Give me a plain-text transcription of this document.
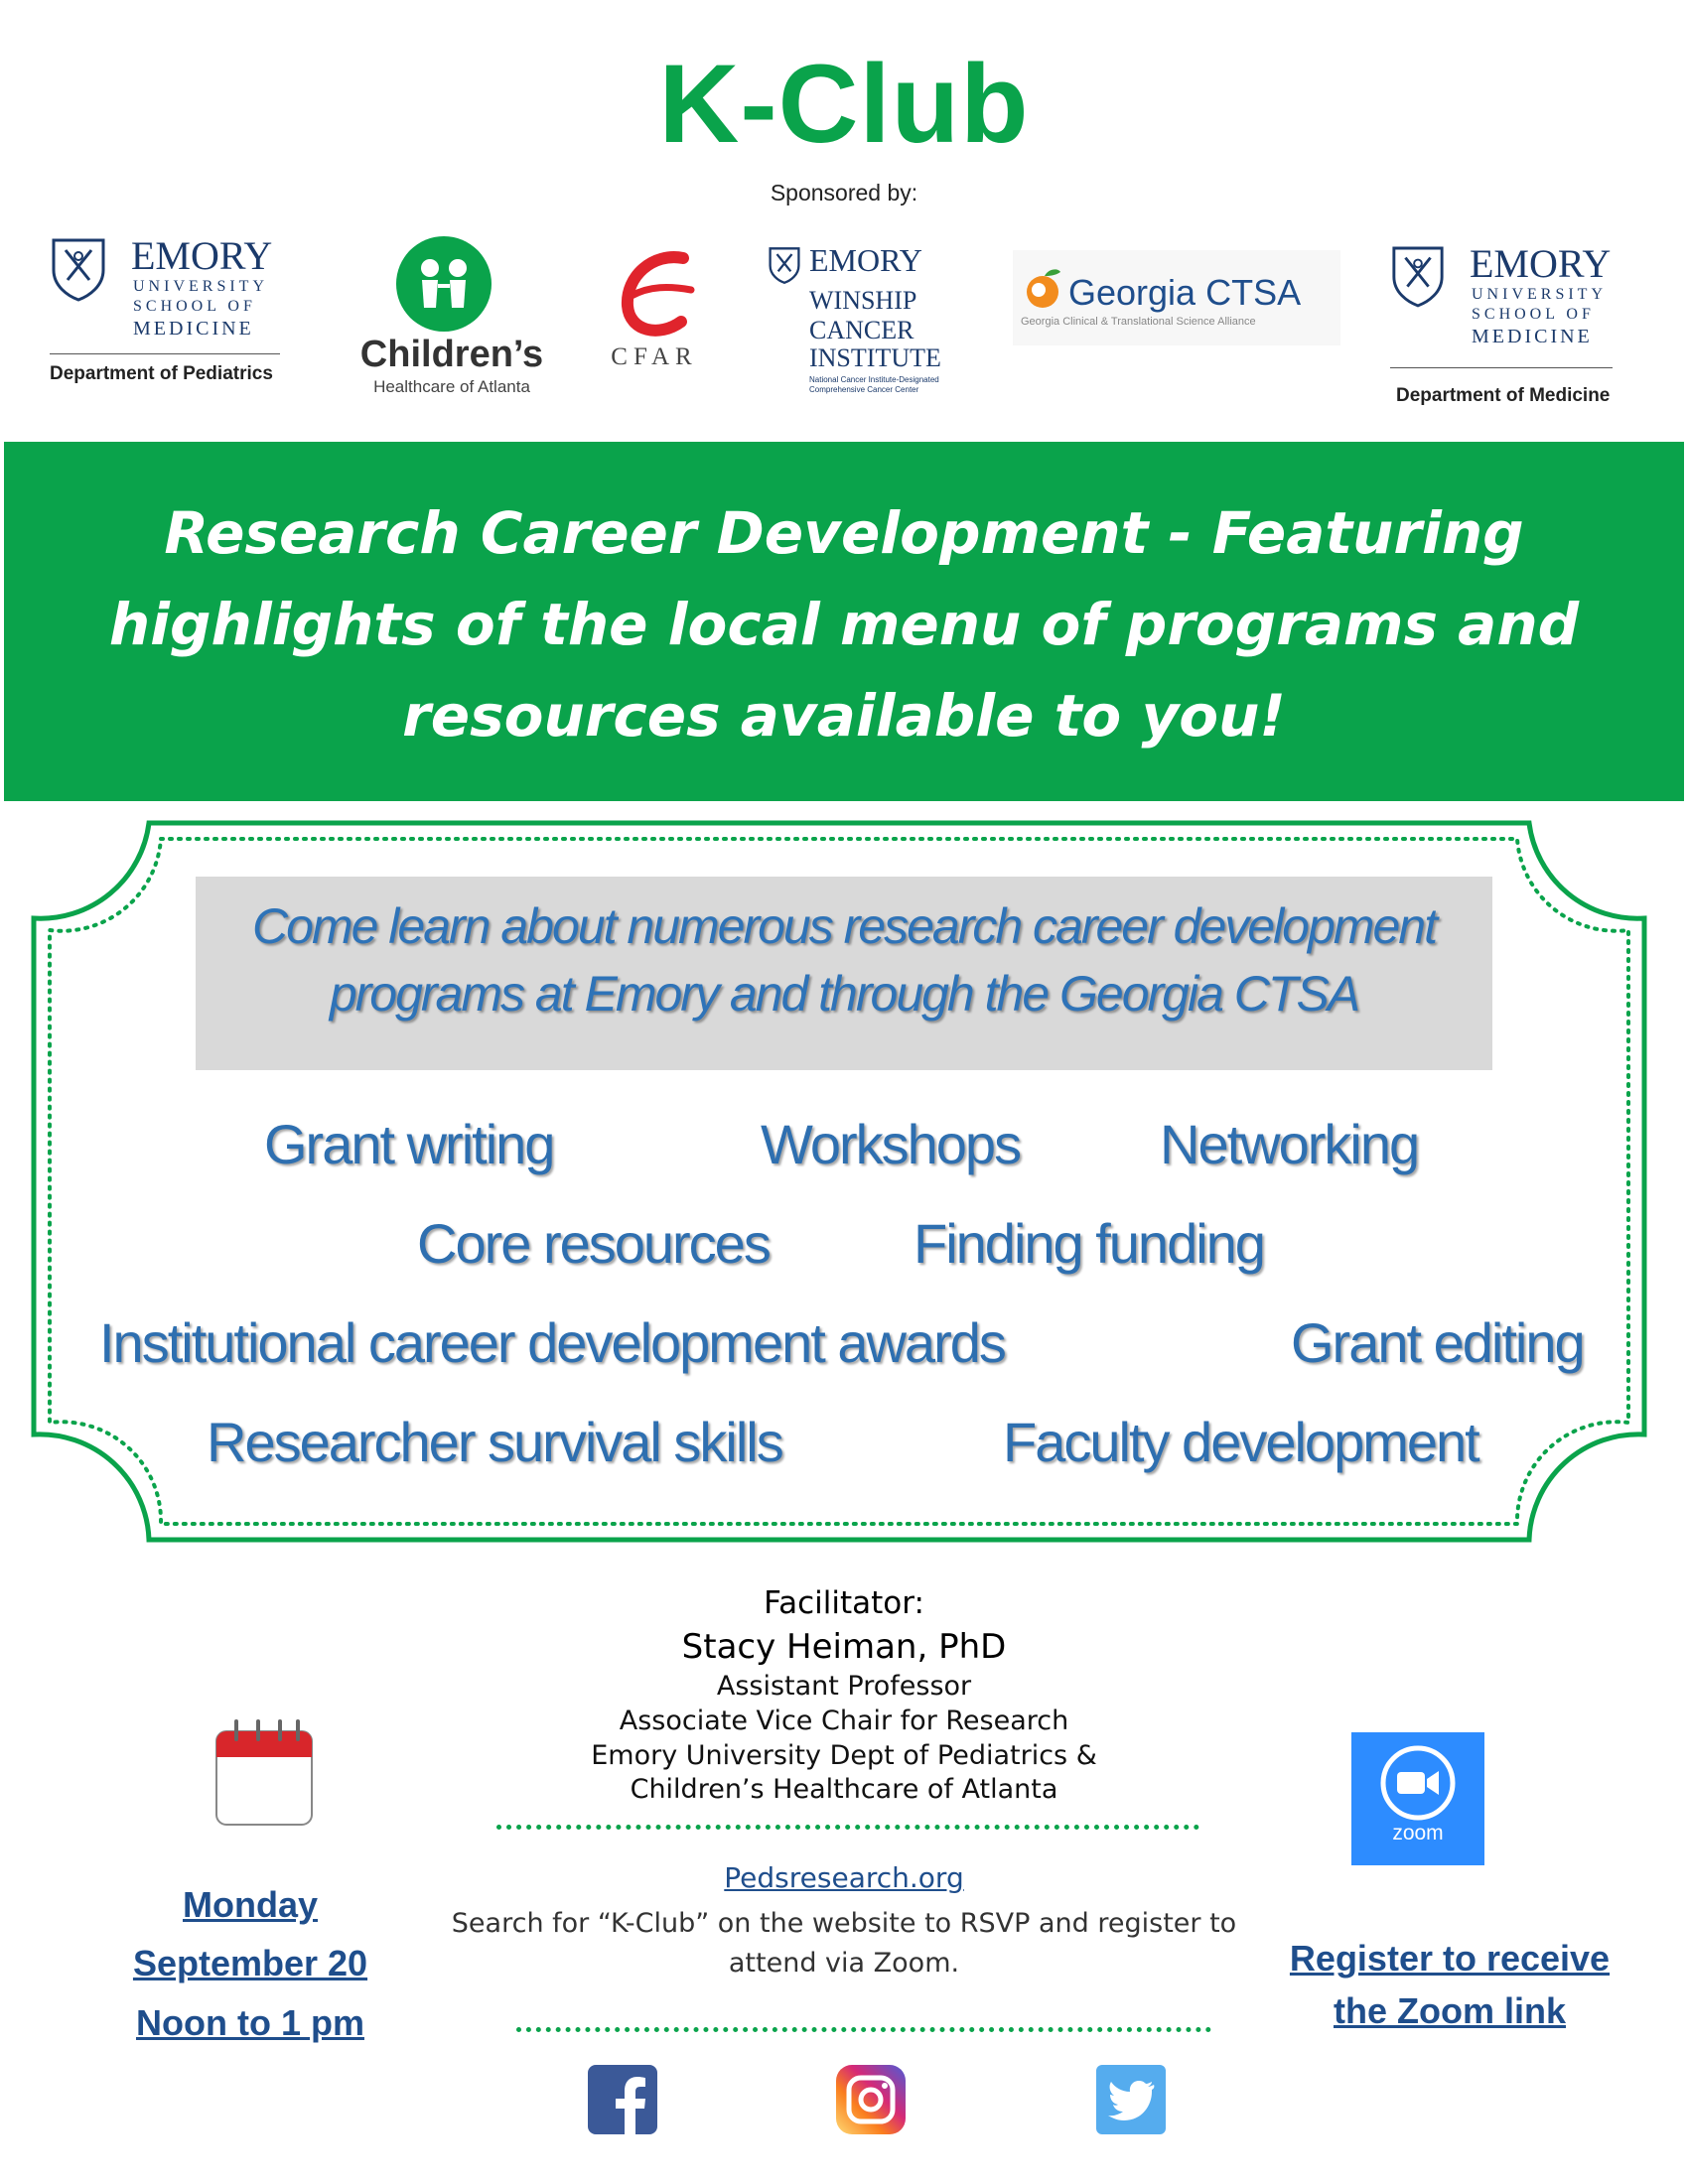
K-Club
Sponsored by:
EMORY
UNIVERSITY
SCHOOL OF
MEDICINE
Department of Pediatrics	Children’s
Healthcare of Atlanta
CFAR
EMORY
WINSHIP
CANCER
INSTITUTE
National Cancer Institute-Designated
Comprehensive Cancer Center
Georgia CTSA
Georgia Clinical & Translational Science Alliance
EMORY
UNIVERSITY
SCHOOL OF
MEDICINE
Department of Medicine
Research Career Development - Featuring
highlights of the local menu of programs and
resources available to you!
Come learn about numerous research career development
programs at Emory and through the Georgia CTSA
Grant writing	Workshops	Networking
Core resources	Finding funding
Institutional career development awards	Grant editing
Researcher survival skills	Faculty development
Facilitator:
Stacy Heiman, PhD
Assistant Professor
Associate Vice Chair for Research
Emory University Dept of Pediatrics &
Children’s Healthcare of Atlanta
Monday
September 20
Noon to 1 pm
Pedsresearch.org
Search for “K-Club” on the website to RSVP and register to attend via Zoom.
zoom
Register to receive
the Zoom link
